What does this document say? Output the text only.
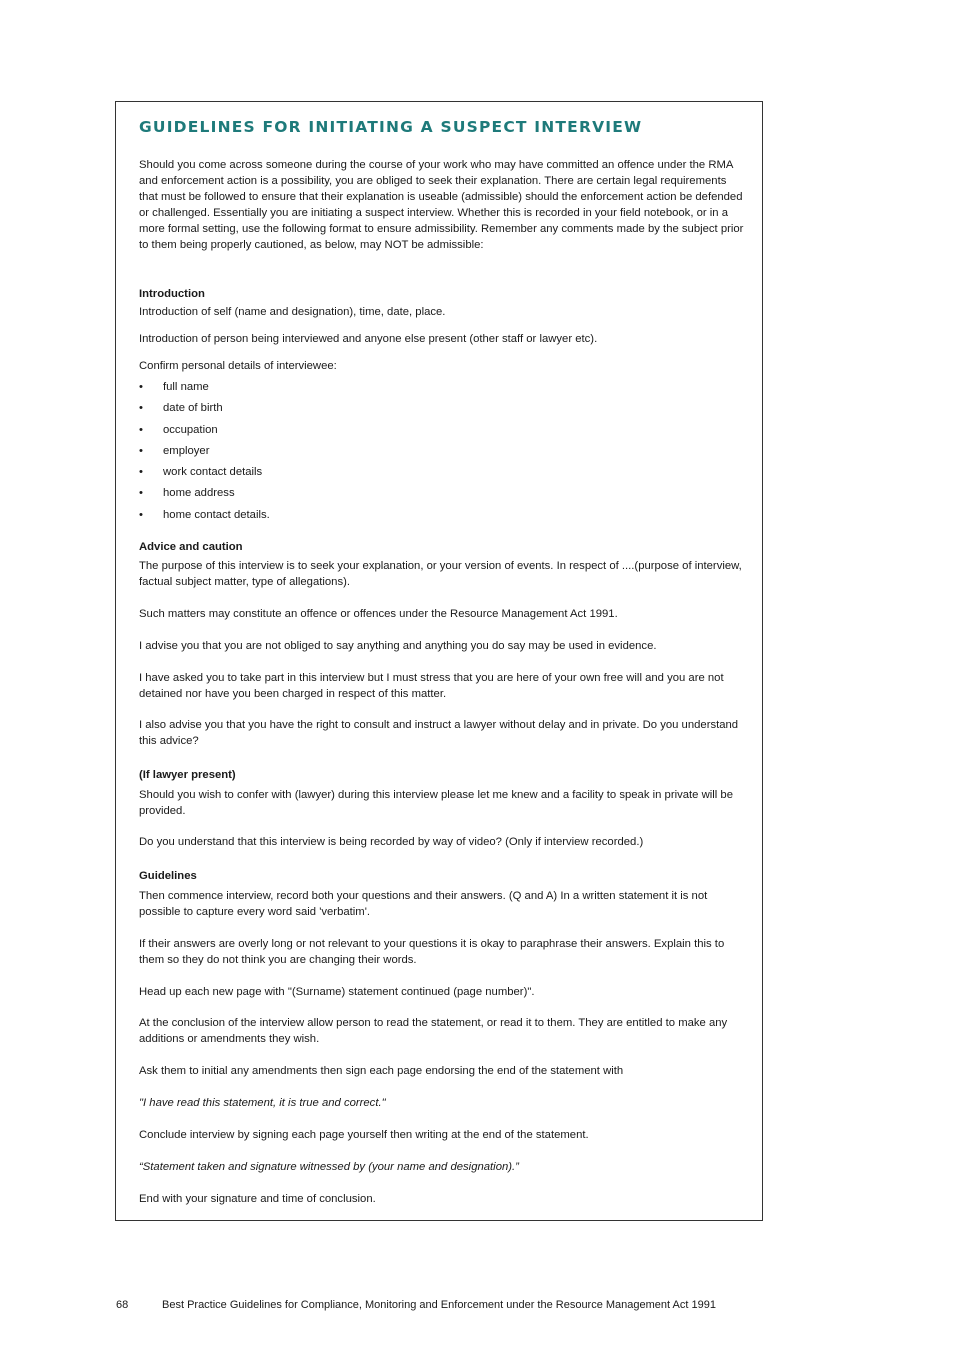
GUIDELINES FOR INITIATING A SUSPECT INTERVIEW

Should you come across someone during the course of your work who may have committed an offence under the RMA and enforcement action is a possibility, you are obliged to seek their explanation. There are certain legal requirements that must be followed to ensure that their explanation is useable (admissible) should the enforcement action be defended or challenged. Essentially you are initiating a suspect interview. Whether this is recorded in your field notebook, or in a more formal setting, use the following format to ensure admissibility. Remember any comments made by the subject prior to them being properly cautioned, as below, may NOT be admissible:

Introduction

Introduction of self (name and designation), time, date, place.

Introduction of person being interviewed and anyone else present (other staff or lawyer etc).

Confirm personal details of interviewee:

• full name
• date of birth
• occupation
• employer
• work contact details
• home address
• home contact details.

Advice and caution

The purpose of this interview is to seek your explanation, or your version of events. In respect of ....(purpose of interview, factual subject matter, type of allegations).

Such matters may constitute an offence or offences under the Resource Management Act 1991.

I advise you that you are not obliged to say anything and anything you do say may be used in evidence.

I have asked you to take part in this interview but I must stress that you are here of your own free will and you are not detained nor have you been charged in respect of this matter.

I also advise you that you have the right to consult and instruct a lawyer without delay and in private. Do you understand this advice?

(If lawyer present)

Should you wish to confer with (lawyer) during this interview please let me knew and a facility to speak in private will be provided.

Do you understand that this interview is being recorded by way of video? (Only if interview recorded.)

Guidelines

Then commence interview, record both your questions and their answers. (Q and A) In a written statement it is not possible to capture every word said 'verbatim'.

If their answers are overly long or not relevant to your questions it is okay to paraphrase their answers. Explain this to them so they do not think you are changing their words.

Head up each new page with "(Surname) statement continued (page number)".

At the conclusion of the interview allow person to read the statement, or read it to them. They are entitled to make any additions or amendments they wish.

Ask them to initial any amendments then sign each page endorsing the end of the statement with

"I have read this statement, it is true and correct."

Conclude interview by signing each page yourself then writing at the end of the statement.

“Statement taken and signature witnessed by (your name and designation).”

End with your signature and time of conclusion.

68	Best Practice Guidelines for Compliance, Monitoring and Enforcement under the Resource Management Act 1991
